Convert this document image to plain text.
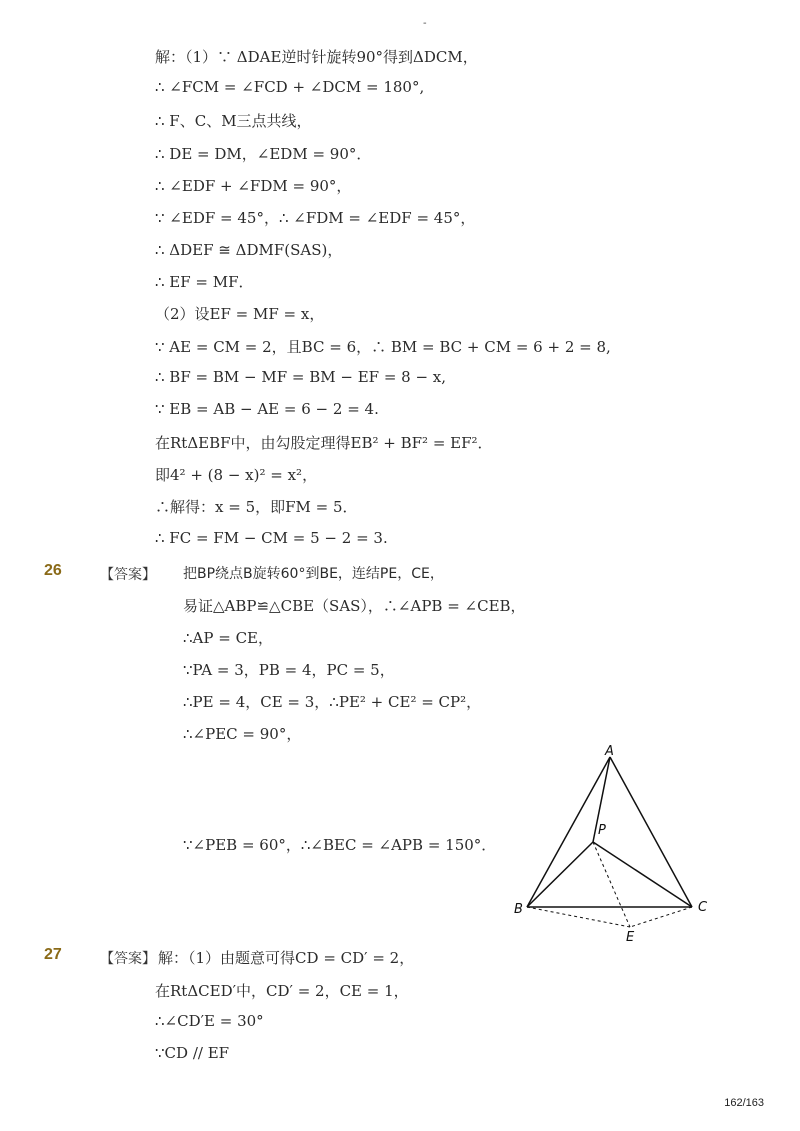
-
解：（1）∵ ΔDAE逆时针旋转90°得到ΔDCM，
∴ ∠FCM = ∠FCD + ∠DCM = 180°,
∴ F、C、M三点共线，
∴ DE = DM，∠EDM = 90°．
∴ ∠EDF + ∠FDM = 90°，
∵ ∠EDF = 45°，∴ ∠FDM = ∠EDF = 45°，
∴ ΔDEF ≅ ΔDMF(SAS)，
∴ EF = MF．
（2）设EF = MF = x，
∵ AE = CM = 2，且BC = 6，∴ BM = BC + CM = 6 + 2 = 8,
∴ BF = BM − MF = BM − EF = 8 − x,
∵ EB = AB − AE = 6 − 2 = 4.
在RtΔEBF中，由勾股定理得EB² + BF² = EF²．
即4² + (8 − x)² = x²，
∴解得：x = 5，即FM = 5．
∴ FC = FM − CM = 5 − 2 = 3.
26	【答案】 把BP绕点B旋转60°到BE，连结PE，CE，
易证△ABP≌△CBE（SAS），∴∠APB = ∠CEB，
∴AP = CE，
∵PA = 3，PB = 4，PC = 5，
∴PE = 4，CE = 3，∴PE² + CE² = CP²，
∴∠PEC = 90°，
∵∠PEB = 60°，∴∠BEC = ∠APB = 150°．
A
P
B	C
E
27	【答案】 解：（1）由题意可得CD = CD′ = 2，
在RtΔCED′中，CD′ = 2，CE = 1，
∴∠CD′E = 30°
∵CD // EF
162/163
